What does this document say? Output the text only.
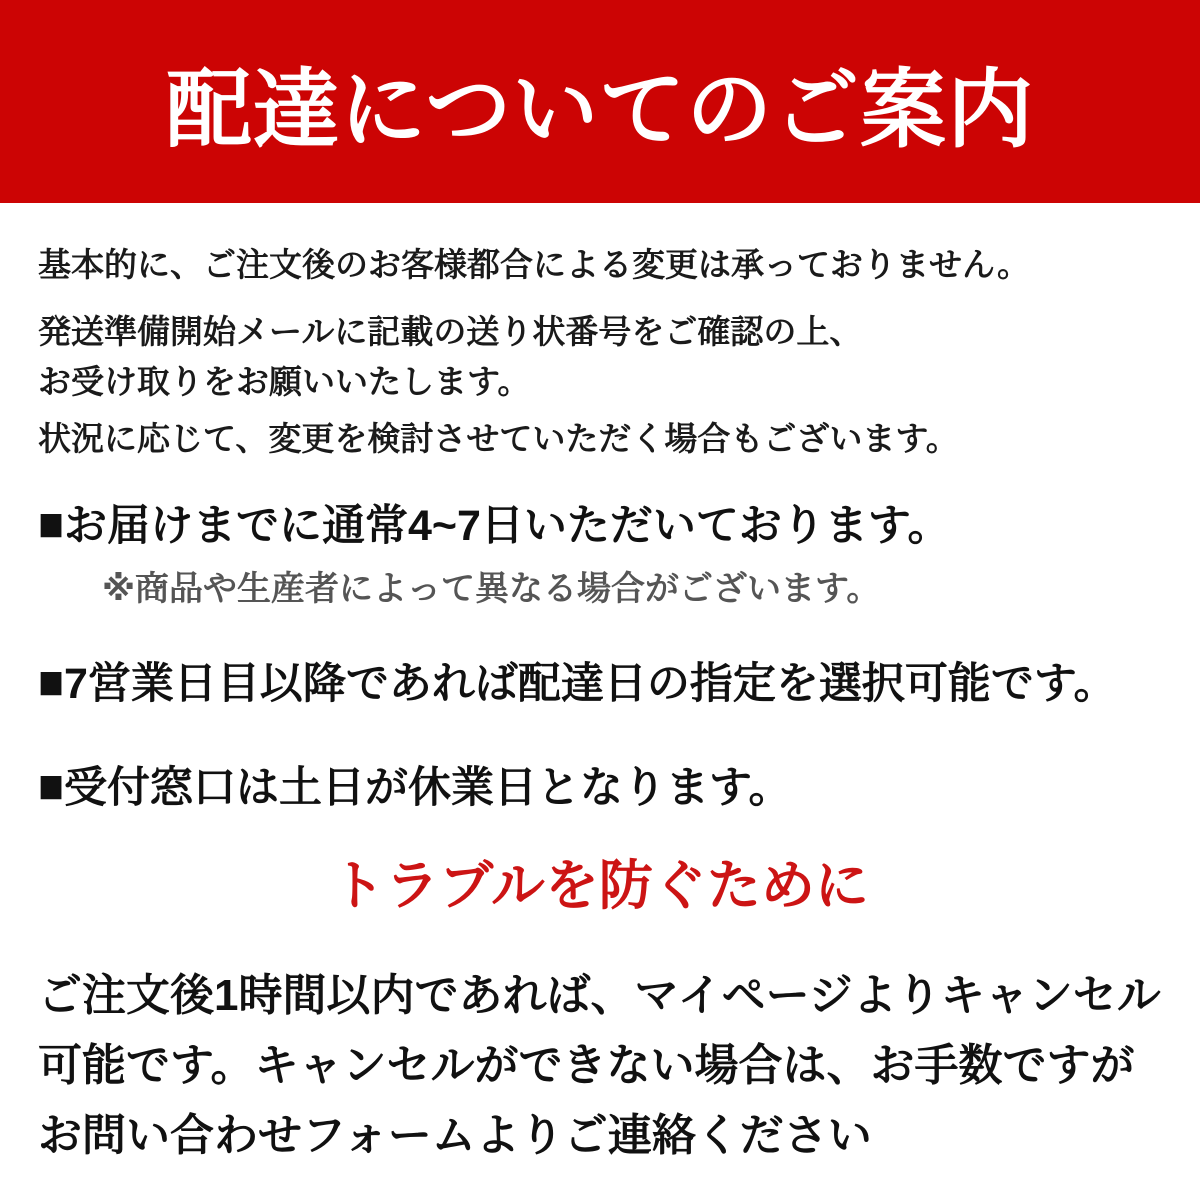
配達についてのご案内

基本的に、ご注文後のお客様都合による変更は承っておりません。

発送準備開始メールに記載の送り状番号をご確認の上、
お受け取りをお願いいたします。

状況に応じて、変更を検討させていただく場合もございます。

■お届けまでに通常4~7日いただいております。

※商品や生産者によって異なる場合がございます。

■7営業日目以降であれば配達日の指定を選択可能です。

■受付窓口は土日が休業日となります。

トラブルを防ぐために

ご注文後1時間以内であれば、マイページよりキャンセル
可能です。キャンセルができない場合は、お手数ですが
お問い合わせフォームよりご連絡ください
